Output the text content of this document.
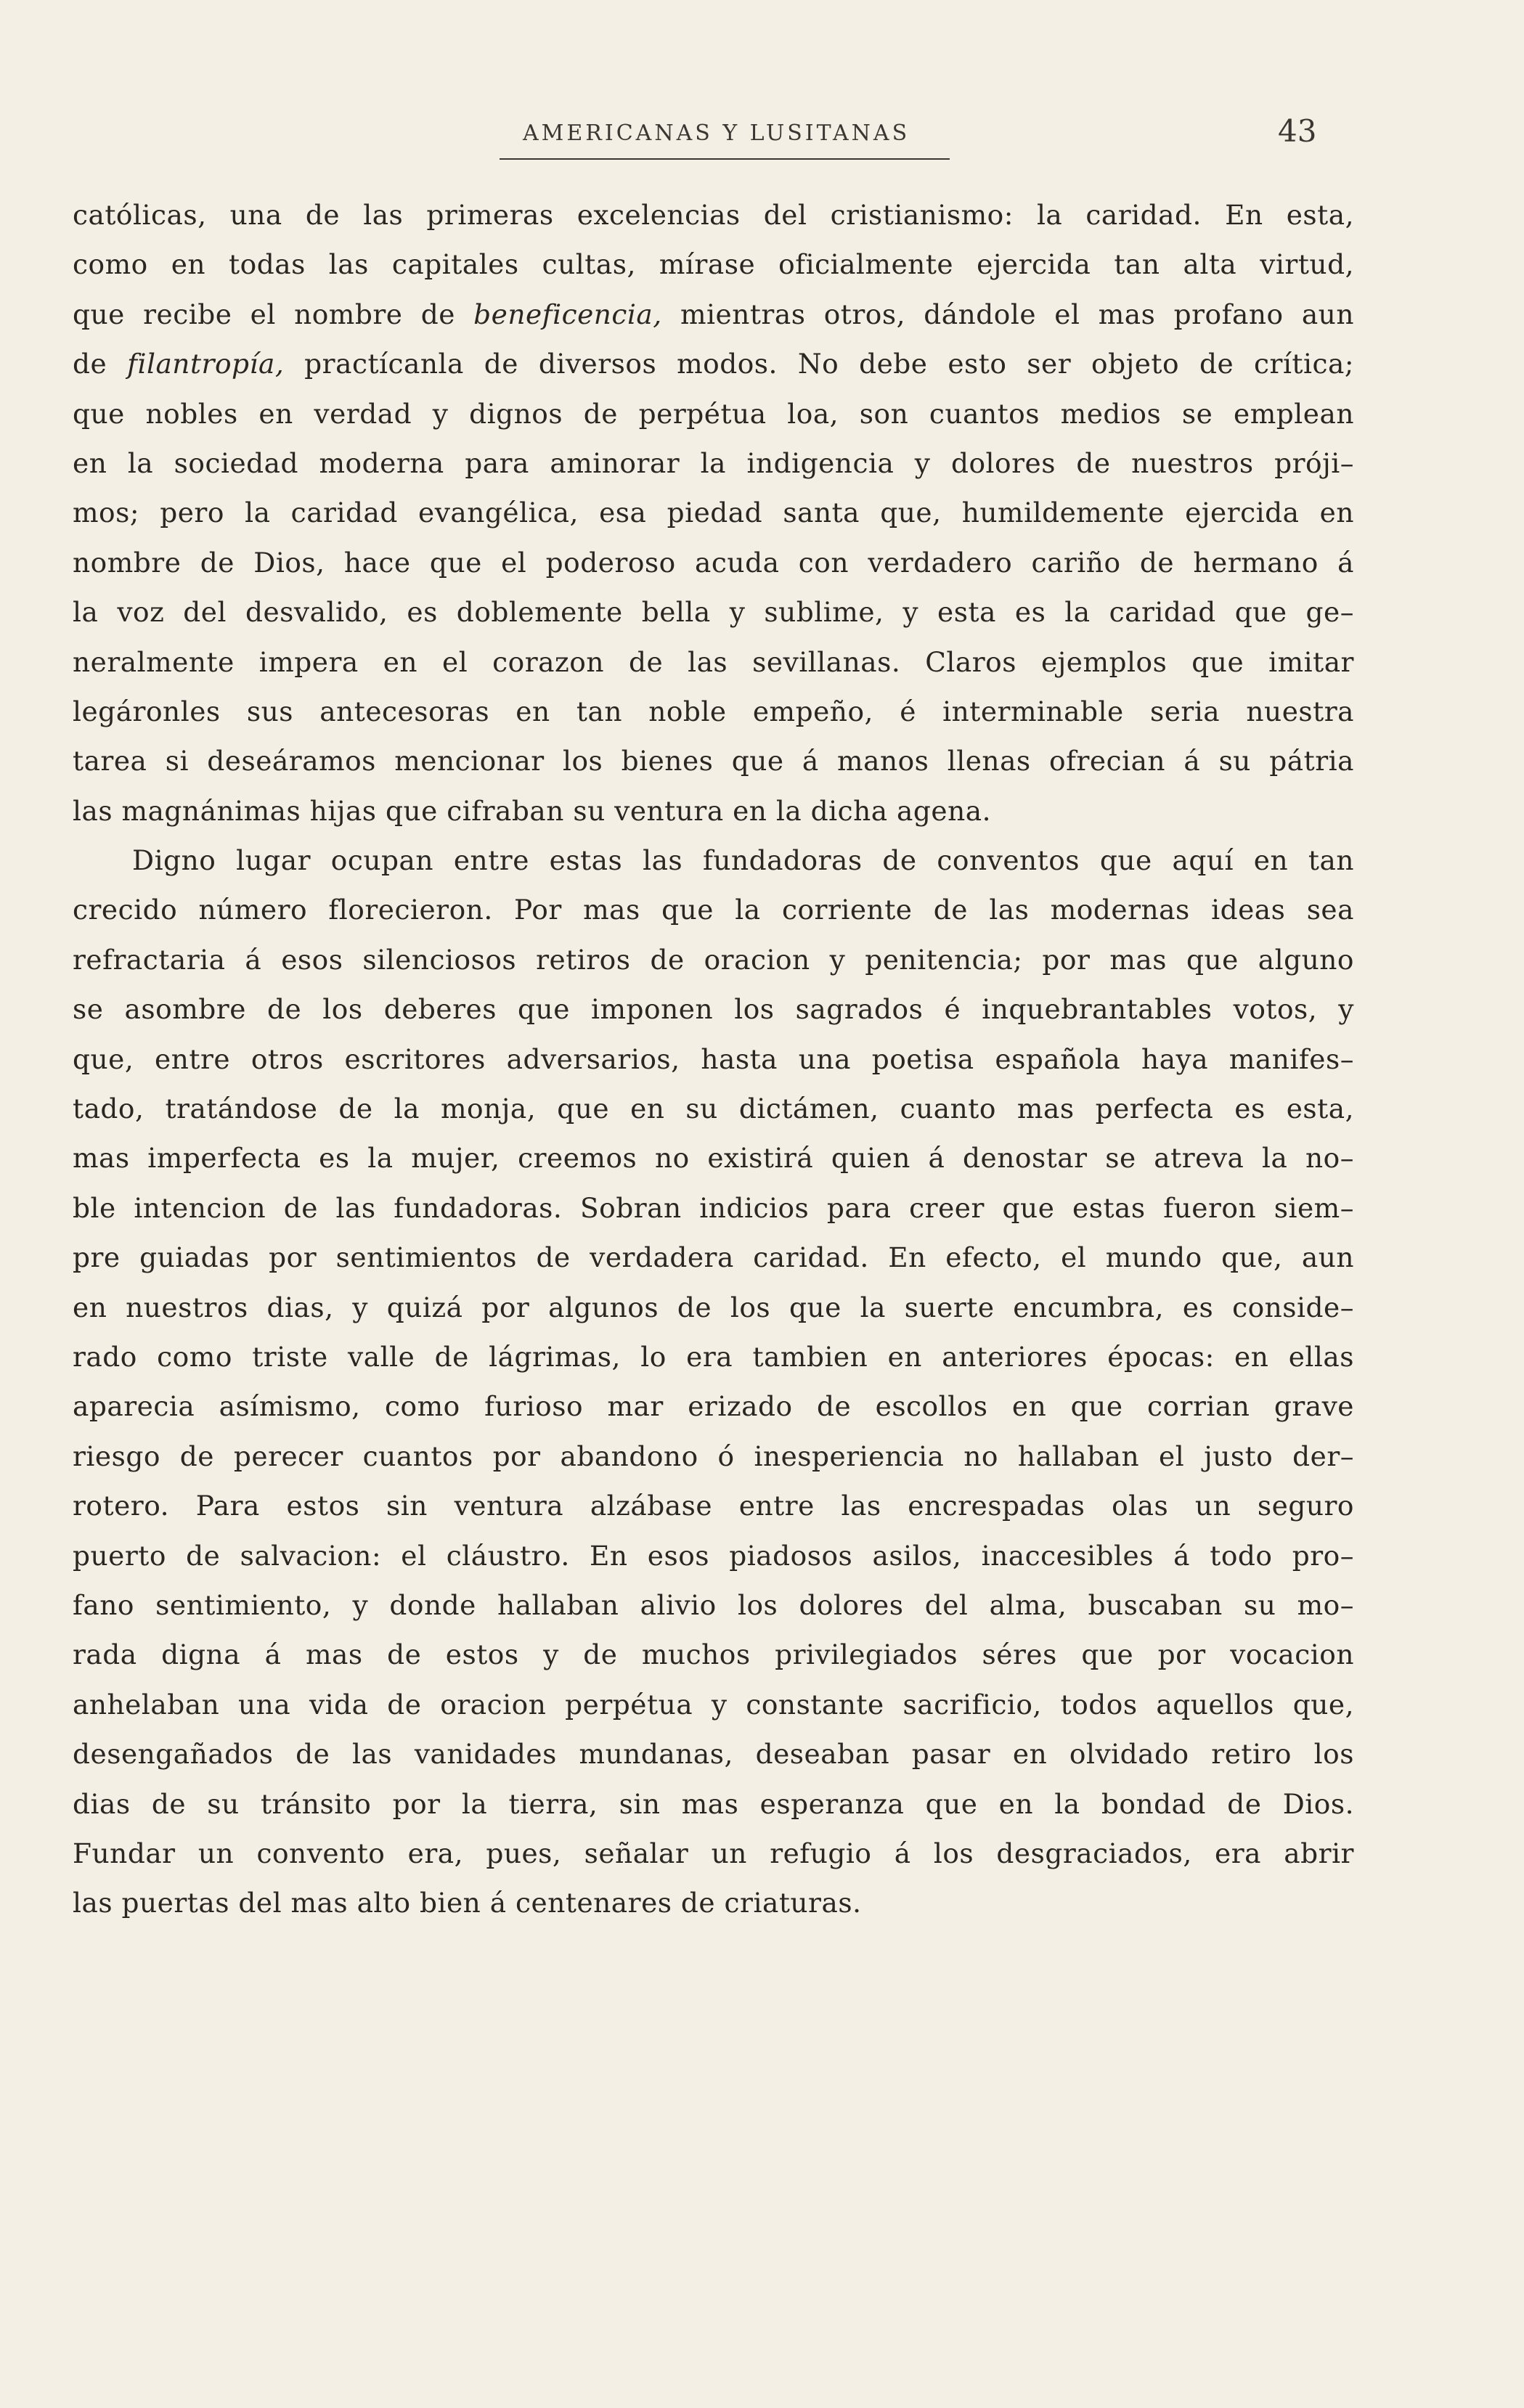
AMERICANAS Y LUSITANAS	43
católicas, una de las primeras excelencias del cristianismo: la caridad. En esta,
como en todas las capitales cultas, mírase oficialmente ejercida tan alta virtud,
que recibe el nombre de beneficencia, mientras otros, dándole el mas profano aun
de filantropía, practícanla de diversos modos. No debe esto ser objeto de crítica;
que nobles en verdad y dignos de perpétua loa, son cuantos medios se emplean
en la sociedad moderna para aminorar la indigencia y dolores de nuestros próji–
mos; pero la caridad evangélica, esa piedad santa que, humildemente ejercida en
nombre de Dios, hace que el poderoso acuda con verdadero cariño de hermano á
la voz del desvalido, es doblemente bella y sublime, y esta es la caridad que ge–
neralmente impera en el corazon de las sevillanas. Claros ejemplos que imitar
legáronles sus antecesoras en tan noble empeño, é interminable seria nuestra
tarea si deseáramos mencionar los bienes que á manos llenas ofrecian á su pátria
las magnánimas hijas que cifraban su ventura en la dicha agena.
Digno lugar ocupan entre estas las fundadoras de conventos que aquí en tan
crecido número florecieron. Por mas que la corriente de las modernas ideas sea
refractaria á esos silenciosos retiros de oracion y penitencia; por mas que alguno
se asombre de los deberes que imponen los sagrados é inquebrantables votos, y
que, entre otros escritores adversarios, hasta una poetisa española haya manifes–
tado, tratándose de la monja, que en su dictámen, cuanto mas perfecta es esta,
mas imperfecta es la mujer, creemos no existirá quien á denostar se atreva la no–
ble intencion de las fundadoras. Sobran indicios para creer que estas fueron siem–
pre guiadas por sentimientos de verdadera caridad. En efecto, el mundo que, aun
en nuestros dias, y quizá por algunos de los que la suerte encumbra, es conside–
rado como triste valle de lágrimas, lo era tambien en anteriores épocas: en ellas
aparecia asímismo, como furioso mar erizado de escollos en que corrian grave
riesgo de perecer cuantos por abandono ó inesperiencia no hallaban el justo der–
rotero. Para estos sin ventura alzábase entre las encrespadas olas un seguro
puerto de salvacion: el cláustro. En esos piadosos asilos, inaccesibles á todo pro–
fano sentimiento, y donde hallaban alivio los dolores del alma, buscaban su mo–
rada digna á mas de estos y de muchos privilegiados séres que por vocacion
anhelaban una vida de oracion perpétua y constante sacrificio, todos aquellos que,
desengañados de las vanidades mundanas, deseaban pasar en olvidado retiro los
dias de su tránsito por la tierra, sin mas esperanza que en la bondad de Dios.
Fundar un convento era, pues, señalar un refugio á los desgraciados, era abrir
las puertas del mas alto bien á centenares de criaturas.
